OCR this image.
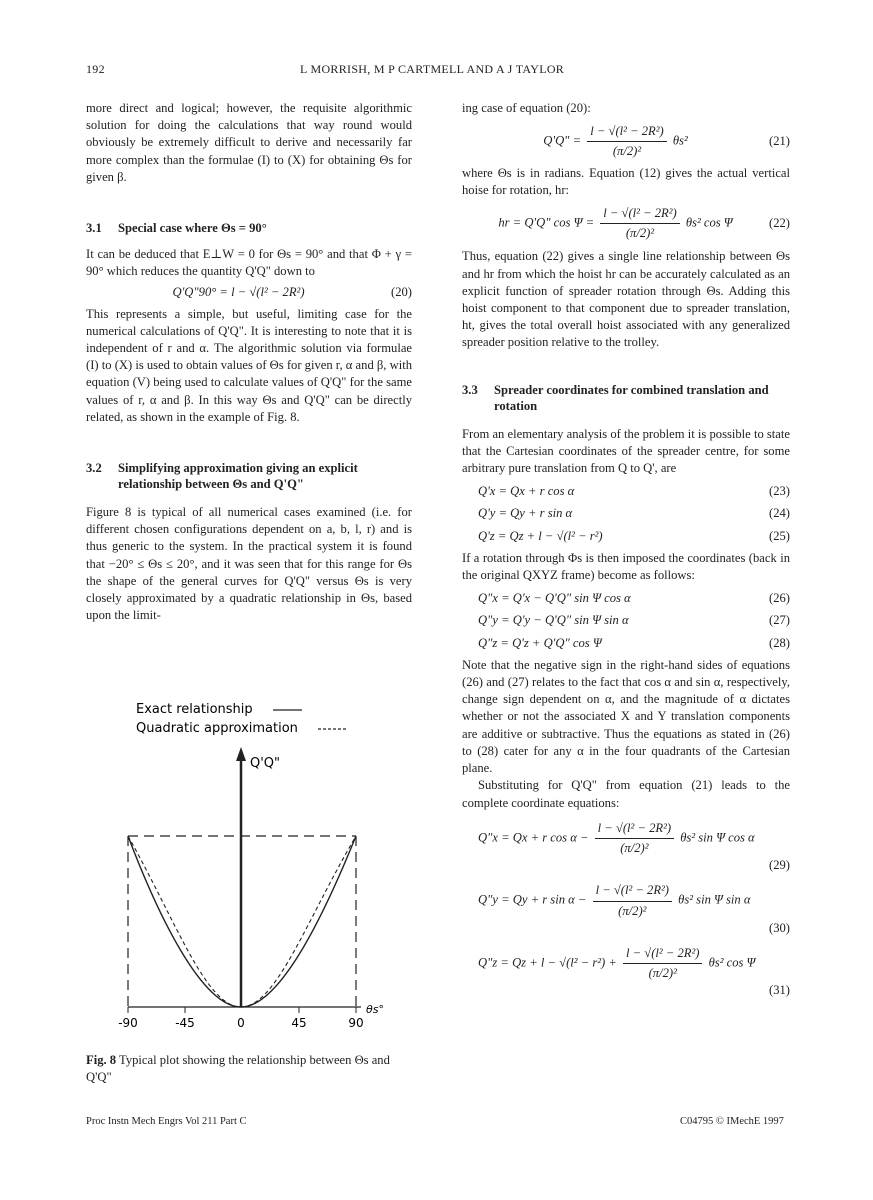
192	L MORRISH, M P CARTMELL AND A J TAYLOR

more direct and logical; however, the requisite algorithmic solution for doing the calculations that way round would obviously be extremely difficult to derive and necessarily far more complex than the formulae (I) to (X) for obtaining Θs for given β.

3.1	Special case where Θs = 90°

It can be deduced that E⊥W = 0 for Θs = 90° and that Φ + γ = 90° which reduces the quantity Q'Q" down to

Q'Q"90° = l − √(l² − 2R²)	(20)

This represents a simple, but useful, limiting case for the numerical calculations of Q'Q". It is interesting to note that it is independent of r and α. The algorithmic solution via formulae (I) to (X) is used to obtain values of Θs for given r, α and β, with equation (V) being used to calculate values of Q'Q" for the same values of r, α and β. In this way Θs and Q'Q" can be directly related, as shown in the example of Fig. 8.

3.2	Simplifying approximation giving an explicit relationship between Θs and Q'Q"

Figure 8 is typical of all numerical cases examined (i.e. for different chosen configurations dependent on a, b, l, r) and is thus generic to the system. In the practical system it is found that −20° ≤ Θs ≤ 20°, and it was seen that for this range for Θs the shape of the general curves for Q'Q" versus Θs is very closely approximated by a quadratic relationship in Θs, based upon the limit-

Exact relationship
Quadratic approximation
Q'Q"
θs°
-90	-45	0	45	90
Fig. 8 Typical plot showing the relationship between Θs and Q'Q"

ing case of equation (20):

Q'Q" = $\frac{\text{l − √(l² − 2R²)}}{\text{(π/2)²}} \theta s^2$	(21)

where Θs is in radians. Equation (12) gives the actual vertical hoise for rotation, hr:

hr = Q'Q" $\cos \Psi = \frac{\text{l − √(l² − 2R²)}}{\text{(π/2)²}} \theta s^2$ cos Ψ	(22)

Thus, equation (22) gives a single line relationship between Θs and hr from which the hoist hr can be accurately calculated as an explicit function of spreader rotation through Θs. Adding this hoist component to that component due to spreader translation, ht, gives the total overall hoist associated with any generalized spreader position relative to the trolley.

3.3	Spreader coordinates for combined translation and rotation

From an elementary analysis of the problem it is possible to state that the Cartesian coordinates of the spreader centre, for some arbitrary pure translation from Q to Q', are

Q'x = Qx + r cos α	(23)
Q'y = Qy + r sin α	(24)
Q'z = Qz + l − √(l² − r²)	(25)

If a rotation through Φs is then imposed the coordinates (back in the original QXYZ frame) become as follows:

Q"x = Q'x − Q'Q" sin Ψ cos α	(26)
Q"y = Q'y − Q'Q" sin Ψ sin α	(27)
Q"z = Q'z + Q'Q" cos Ψ	(28)

Note that the negative sign in the right-hand sides of equations (26) and (27) relates to the fact that cos α and sin α, respectively, change sign dependent on α, and the magnitude of α dictates whether or not the associated X and Y translation components are additive or subtractive. Thus the equations as stated in (26) to (28) cater for any α in the four quadrants of the Cartesian plane.

Substituting for Q'Q" from equation (21) leads to the complete coordinate equations:

Q"x = Qx + r $\cos \alpha - \frac{\text{l − √(l² − 2R²)}}{\text{(π/2)²}} \theta s^2$ sin Ψ cos α
(29)
Q"y = Qy + r $\sin \alpha - \frac{\text{l − √(l² − 2R²)}}{\text{(π/2)²}} \theta s^2$ sin Ψ sin α
(30)
Q"z = $Qz + l - √(l^2 - r^2) + \frac{\text{l − √(l² − 2R²)}}{\text{(π/2)²}} \theta s^2$ cos Ψ
(31)
Proc Instn Mech Engrs Vol 211 Part C	C04795 © IMechE 1997
